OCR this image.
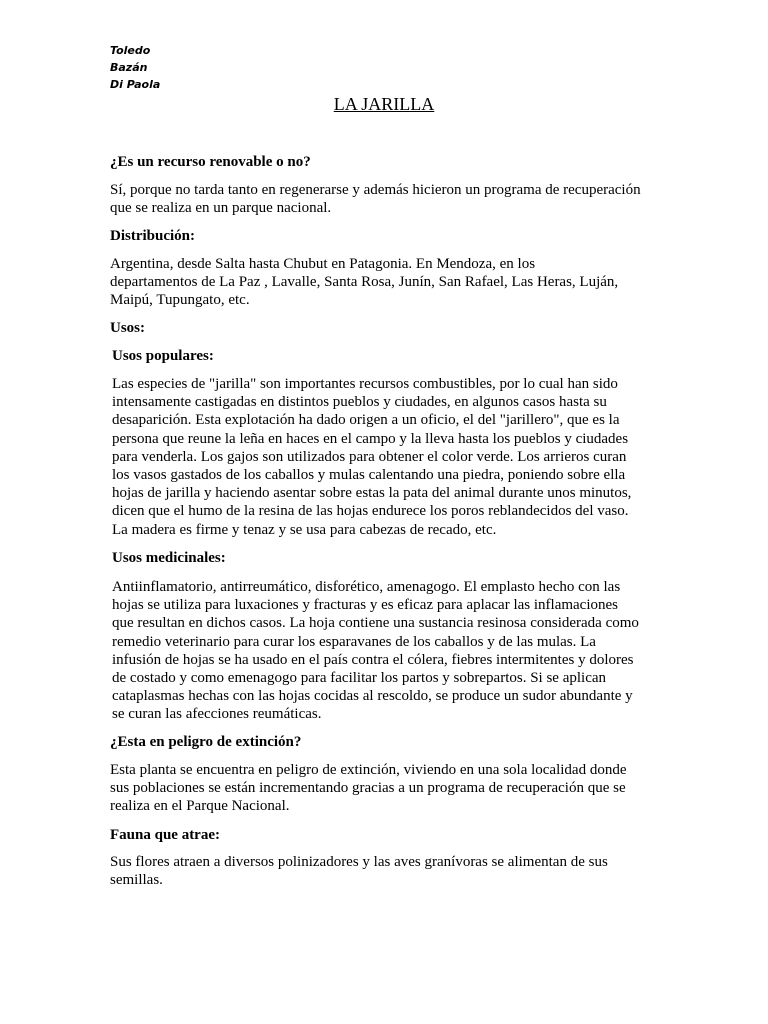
Toledo
Bazán
Di Paola
LA JARILLA
¿Es un recurso renovable o no?
Sí, porque no tarda tanto en regenerarse y además hicieron un programa de recuperación
que se realiza en un parque nacional.
Distribución:
Argentina, desde Salta hasta Chubut en Patagonia. En Mendoza, en los
departamentos de La Paz , Lavalle, Santa Rosa, Junín, San Rafael, Las Heras, Luján,
Maipú, Tupungato, etc.
Usos:
Usos populares:
Las especies de "jarilla" son importantes recursos combustibles, por lo cual han sido
intensamente castigadas en distintos pueblos y ciudades, en algunos casos hasta su
desaparición. Esta explotación ha dado origen a un oficio, el del "jarillero", que es la
persona que reune la leña en haces en el campo y la lleva hasta los pueblos y ciudades
para venderla. Los gajos son utilizados para obtener el color verde. Los arrieros curan
los vasos gastados de los caballos y mulas calentando una piedra, poniendo sobre ella
hojas de jarilla y haciendo asentar sobre estas la pata del animal durante unos minutos,
dicen que el humo de la resina de las hojas endurece los poros reblandecidos del vaso.
La madera es firme y tenaz y se usa para cabezas de recado, etc.
Usos medicinales:
Antiinflamatorio, antirreumático, disforético, amenagogo. El emplasto hecho con las
hojas se utiliza para luxaciones y fracturas y es eficaz para aplacar las inflamaciones
que resultan en dichos casos. La hoja contiene una sustancia resinosa considerada como
remedio veterinario para curar los esparavanes de los caballos y de las mulas. La
infusión de hojas se ha usado en el país contra el cólera, fiebres intermitentes y dolores
de costado y como emenagogo para facilitar los partos y sobrepartos. Si se aplican
cataplasmas hechas con las hojas cocidas al rescoldo, se produce un sudor abundante y
se curan las afecciones reumáticas.
¿Esta en peligro de extinción?
Esta planta se encuentra en peligro de extinción, viviendo en una sola localidad donde
sus poblaciones se están incrementando gracias a un programa de recuperación que se
realiza en el Parque Nacional.
Fauna que atrae:
Sus flores atraen a diversos polinizadores y las aves granívoras se alimentan de sus
semillas.
